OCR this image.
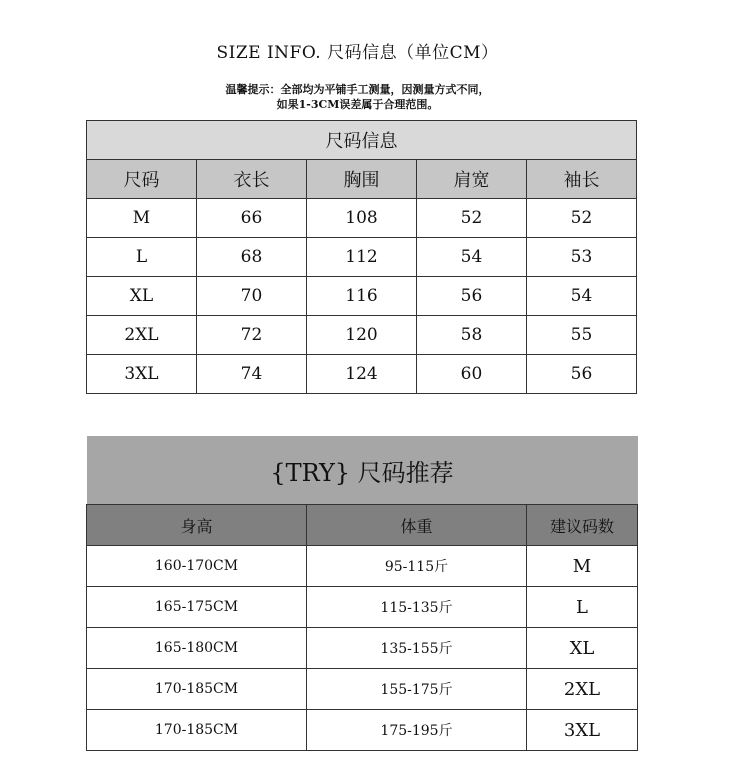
SIZE INFO. 尺码信息（单位CM）
温馨提示：全部均为平铺手工测量，因测量方式不同，
如果1-3CM误差属于合理范围。
尺码信息				
尺码	衣长	胸围	肩宽	袖长
M	66	108	52	52
L	68	112	54	53
XL	70	116	56	54
2XL	72	120	58	55
3XL	74	124	60	56
{TRY} 尺码推荐		
身高	体重	建议码数
160-170CM	95-115斤	M
165-175CM	115-135斤	L
165-180CM	135-155斤	XL
170-185CM	155-175斤	2XL
170-185CM	175-195斤	3XL
